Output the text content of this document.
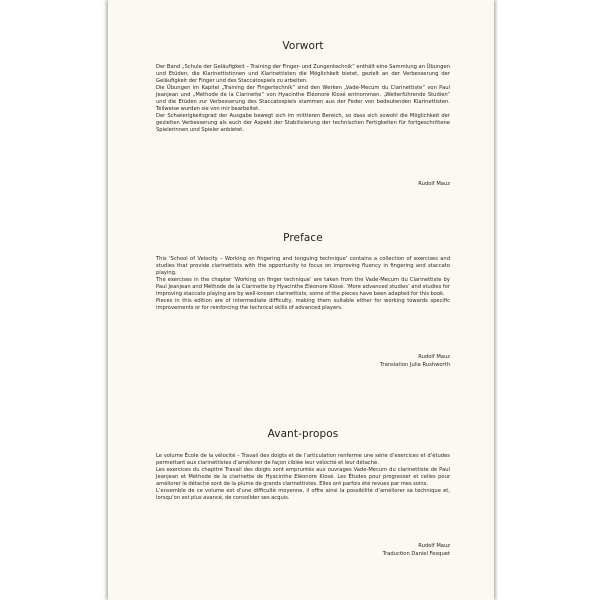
Vorwort

Der Band „Schule der Geläufigkeit – Training der Finger- und Zungentechnik“ enthält eine Sammlung an Übungen und Etüden, die Klarinettistinnen und Klarinettisten die Möglichkeit bietet, gezielt an der Verbesserung der Geläufigkeit der Finger und des Staccatospiels zu arbeiten.

Die Übungen im Kapitel „Training der Fingertechnik“ sind den Werken „Vade-Mecum du Clarinettiste“ von Paul Jeanjean und „Méthode de la Clarinette“ von Hyacinthe Eléonore Klosé entnommen. „Weiterführende Studien“ und die Etüden zur Verbesserung des Staccatospiels stammen aus der Feder von bedeutenden Klarinettisten. Teilweise wurden sie von mir bearbeitet.

Der Schwierigkeitsgrad der Ausgabe bewegt sich im mittleren Bereich, so dass sich sowohl die Möglichkeit der gezielten Verbesserung als auch der Aspekt der Stabilisierung der technischen Fertigkeiten für fortgeschrittene Spielerinnen und Spieler anbietet.

Rudolf Mauz
Preface

This ‘School of Velocity – Working on fingering and tonguing technique’ contains a collection of exercises and studies that provide clarinettists with the opportunity to focus on improving fluency in fingering and staccato playing.

The exercises in the chapter ‘Working on finger technique’ are taken from the Vade-Mecum du Clarinettiste by Paul Jeanjean and Méthode de la Clarinette by Hyacinthe Eléonore Klosé. ‘More advanced studies’ and studies for improving staccato playing are by well-known clarinettists; some of the pieces have been adapted for this book.

Pieces in this edition are of intermediate difficulty, making them suitable either for working towards specific improvements or for reinforcing the technical skills of advanced players.

Rudolf Mauz
Translation Julia Rushworth
Avant-propos

Le volume École de la vélocité – Travail des doigts et de l’articulation renferme une série d’exercices et d’études permettant aux clarinettistes d’améliorer de façon ciblée leur vélocité et leur détaché.

Les exercices du chapitre Travail des doigts sont empruntés aux ouvrages Vade-Mecum du clarinettiste de Paul Jeanjean et Méthode de la clarinette de Hyacinthe Eléonore Klosé. Les Études pour progresser et celles pour améliorer le détaché sont de la plume de grands clarinettistes. Elles ont parfois été revues par mes soins.

L’ensemble de ce volume est d’une difficulté moyenne, il offre ainsi la possibilité d’améliorer sa technique et, lorsqu’on est plus avancé, de consolider ses acquis.

Rudolf Mauz
Traduction Daniel Fesquet
